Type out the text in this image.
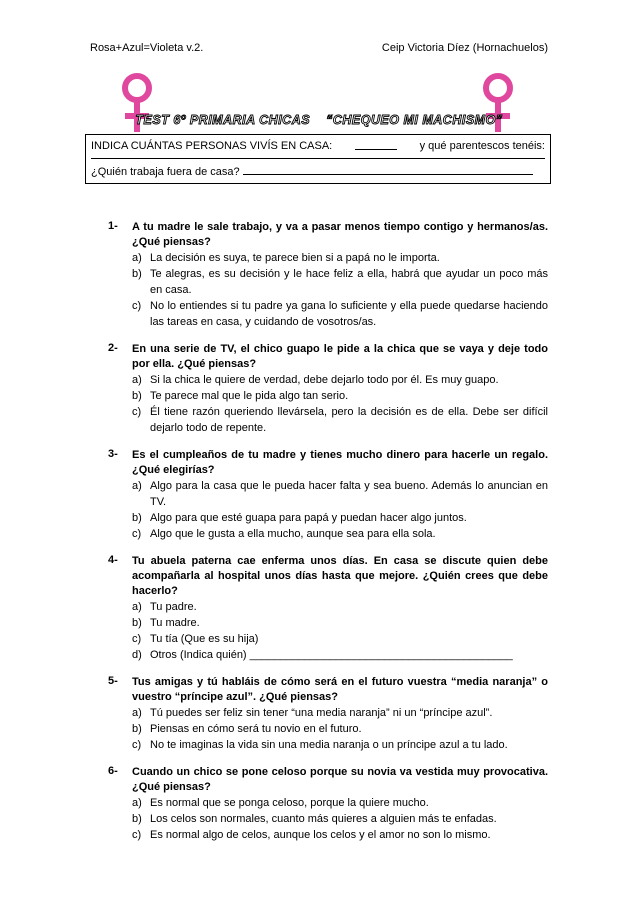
Rosa+Azul=Violeta v.2.	Ceip Victoria Díez (Hornachuelos)
TEST 6º PRIMARIA CHICAS “CHEQUEO MI MACHISMO”
INDICA CUÁNTAS PERSONAS VIVÍS EN CASA:	y qué parentescos tenéis:
¿Quién trabaja fuera de casa?
1- A tu madre le sale trabajo, y va a pasar menos tiempo contigo y hermanos/as. ¿Qué piensas?
a) La decisión es suya, te parece bien si a papá no le importa.
b) Te alegras, es su decisión y le hace feliz a ella, habrá que ayudar un poco más en casa.
c) No lo entiendes si tu padre ya gana lo suficiente y ella puede quedarse haciendo las tareas en casa, y cuidando de vosotros/as.
2- En una serie de TV, el chico guapo le pide a la chica que se vaya y deje todo por ella. ¿Qué piensas?
a) Si la chica le quiere de verdad, debe dejarlo todo por él. Es muy guapo.
b) Te parece mal que le pida algo tan serio.
c) Él tiene razón queriendo llevársela, pero la decisión es de ella. Debe ser difícil dejarlo todo de repente.
3- Es el cumpleaños de tu madre y tienes mucho dinero para hacerle un regalo. ¿Qué elegirías?
a) Algo para la casa que le pueda hacer falta y sea bueno. Además lo anuncian en TV.
b) Algo para que esté guapa para papá y puedan hacer algo juntos.
c) Algo que le gusta a ella mucho, aunque sea para ella sola.
4- Tu abuela paterna cae enferma unos días. En casa se discute quien debe acompañarla al hospital unos días hasta que mejore. ¿Quién crees que debe hacerlo?
a) Tu padre.
b) Tu madre.
c) Tu tía (Que es su hija)
d) Otros (Indica quién) ___________________________________________
5- Tus amigas y tú habláis de cómo será en el futuro vuestra “media naranja” o vuestro “príncipe azul”. ¿Qué piensas?
a) Tú puedes ser feliz sin tener “una media naranja” ni un “príncipe azul”.
b) Piensas en cómo será tu novio en el futuro.
c) No te imaginas la vida sin una media naranja o un príncipe azul a tu lado.
6- Cuando un chico se pone celoso porque su novia va vestida muy provocativa. ¿Qué piensas?
a) Es normal que se ponga celoso, porque la quiere mucho.
b) Los celos son normales, cuanto más quieres a alguien más te enfadas.
c) Es normal algo de celos, aunque los celos y el amor no son lo mismo.
